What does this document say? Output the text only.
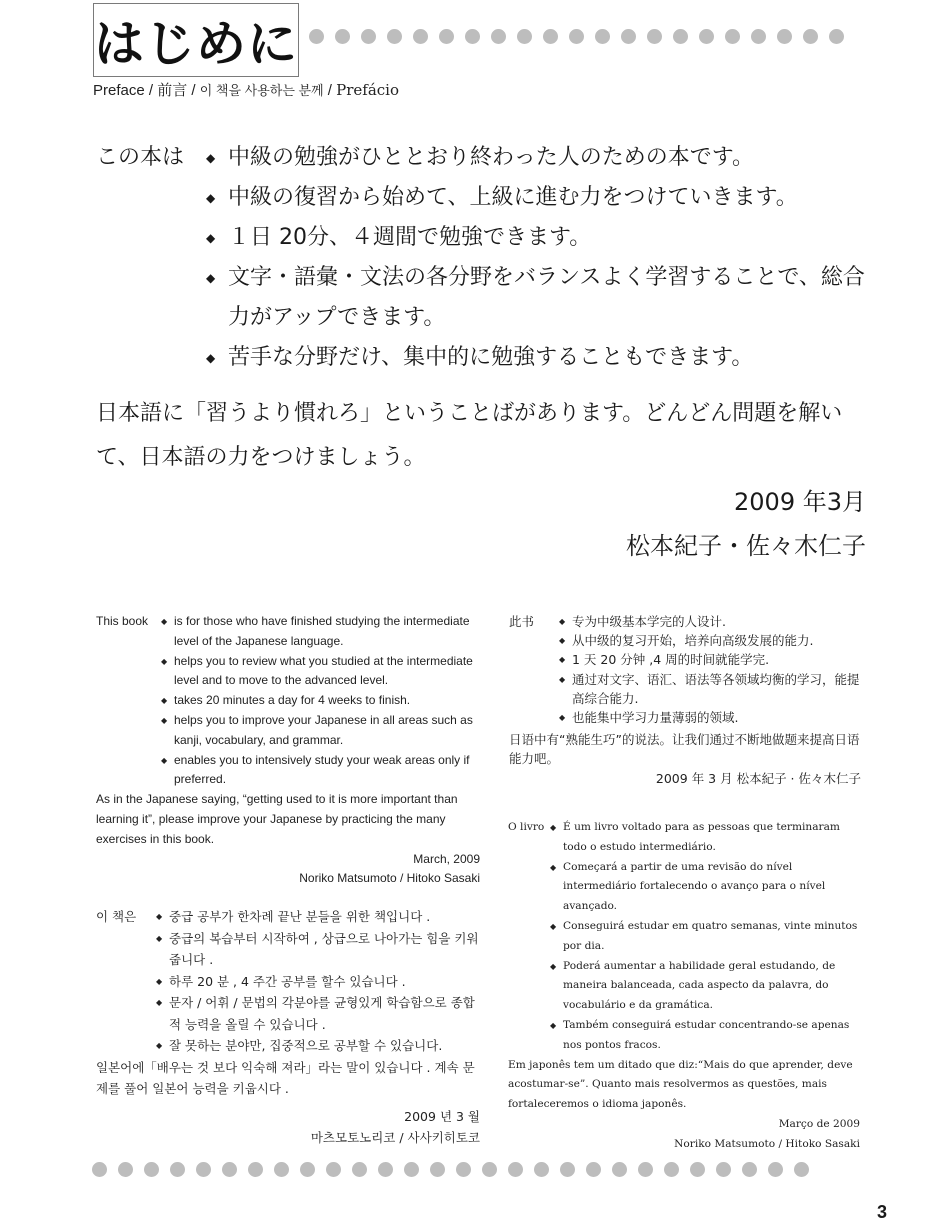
はじめに
Preface / 前言 / 이 책을 사용하는 분께 / Prefácio
この本は	◆ 中級の勉強がひととおり終わった人のための本です。
◆ 中級の復習から始めて、上級に進む力をつけていきます。
◆ １日 20分、４週間で勉強できます。
◆ 文字・語彙・文法の各分野をバランスよく学習することで、総合力がアップできます。
◆ 苦手な分野だけ、集中的に勉強することもできます。

日本語に「習うより慣れろ」ということばがあります。どんどん問題を解いて、日本語の力をつけましょう。

2009 年3月
松本紀子・佐々木仁子
This book	◆ is for those who have finished studying the intermediate level of the Japanese language.
◆ helps you to review what you studied at the intermediate level and to move to the advanced level.
◆ takes 20 minutes a day for 4 weeks to finish.
◆ helps you to improve your Japanese in all areas such as kanji, vocabulary, and grammar.
◆ enables you to intensively study your weak areas only if preferred.

As in the Japanese saying, “getting used to it is more important than learning it”, please improve your Japanese by practicing the many exercises in this book.

March, 2009
Noriko Matsumoto / Hitoko Sasaki
이 책은	◆ 중급 공부가 한차례 끝난 분들을 위한 책입니다 .
◆ 중급의 복습부터 시작하여 , 상급으로 나아가는 힘을 키워줍니다 .
◆ 하루 20 분 , 4 주간 공부를 할수 있습니다 .
◆ 문자 / 어휘 / 문법의 각분야를 균형있게 학습함으로 종합적 능력을 올릴 수 있습니다 .
◆ 잘 못하는 분야만, 집중적으로 공부할 수 있습니다.

일본어에「배우는 것 보다 익숙해 져라」라는 말이 있습니다 . 계속 문제를 풀어 일본어 능력을 키웁시다 .

2009 년 3 월
마츠모토노리코 / 사사키히토코
此书	◆ 专为中级基本学完的人设计.
◆ 从中级的复习开始，培养向高级发展的能力.
◆ 1 天 20 分钟 ,4 周的时间就能学完.
◆ 通过对文字、语汇、语法等各领域均衡的学习，能提高综合能力.
◆ 也能集中学习力量薄弱的领域.

日语中有“熟能生巧”的说法。让我们通过不断地做题来提高日语能力吧。

2009 年 3 月 松本紀子 · 佐々木仁子
O livro	◆ É um livro voltado para as pessoas que terminaram todo o estudo intermediário.
◆ Começará a partir de uma revisão do nível intermediário fortalecendo o avanço para o nível avançado.
◆ Conseguirá estudar em quatro semanas, vinte minutos por dia.
◆ Poderá aumentar a habilidade geral estudando, de maneira balanceada, cada aspecto da palavra, do vocabulário e da gramática.
◆ Também conseguirá estudar concentrando-se apenas nos pontos fracos.

Em japonês tem um ditado que diz:“Mais do que aprender, deve acostumar-se”. Quanto mais resolvermos as questões, mais fortaleceremos o idioma japonês.

Março de 2009
Noriko Matsumoto / Hitoko Sasaki
3
